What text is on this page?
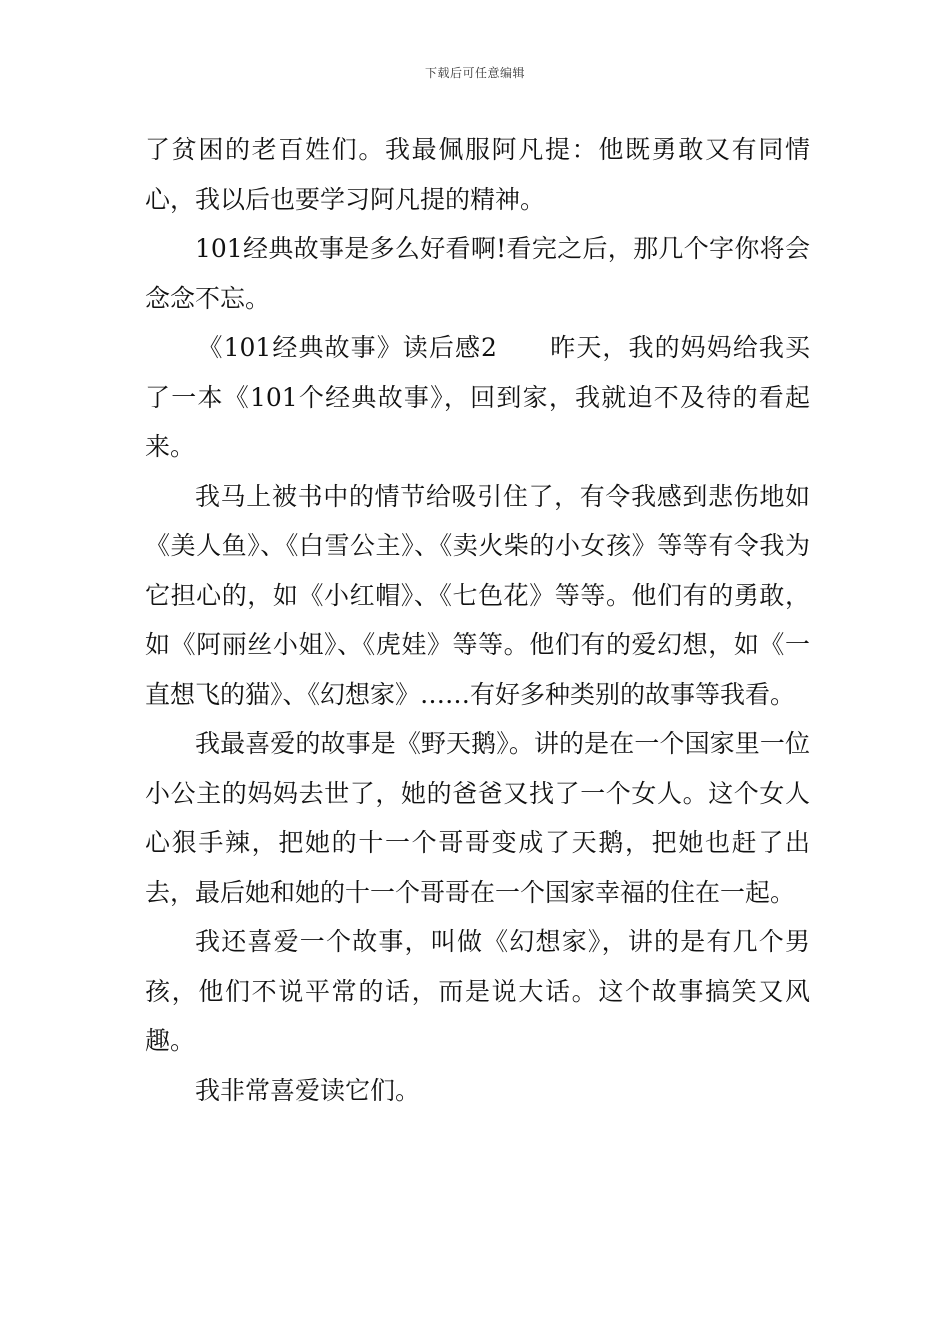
下载后可任意编辑

了贫困的老百姓们。我最佩服阿凡提：他既勇敢又有同情心，我以后也要学习阿凡提的精神。

101经典故事是多么好看啊!看完之后，那几个字你将会念念不忘。

《101经典故事》读后感2　　 昨天，我的妈妈给我买了一本《101个经典故事》，回到家，我就迫不及待的看起来。

我马上被书中的情节给吸引住了，有令我感到悲伤地如《美人鱼》、《白雪公主》、《卖火柴的小女孩》等等有令我为它担心的，如《小红帽》、《七色花》等等。他们有的勇敢，如《阿丽丝小姐》、《虎娃》等等。他们有的爱幻想，如《一直想飞的猫》、《幻想家》……有好多种类别的故事等我看。

我最喜爱的故事是《野天鹅》。讲的是在一个国家里一位小公主的妈妈去世了，她的爸爸又找了一个女人。这个女人心狠手辣，把她的十一个哥哥变成了天鹅，把她也赶了出去，最后她和她的十一个哥哥在一个国家幸福的住在一起。

我还喜爱一个故事，叫做《幻想家》，讲的是有几个男孩，他们不说平常的话，而是说大话。这个故事搞笑又风趣。

我非常喜爱读它们。
